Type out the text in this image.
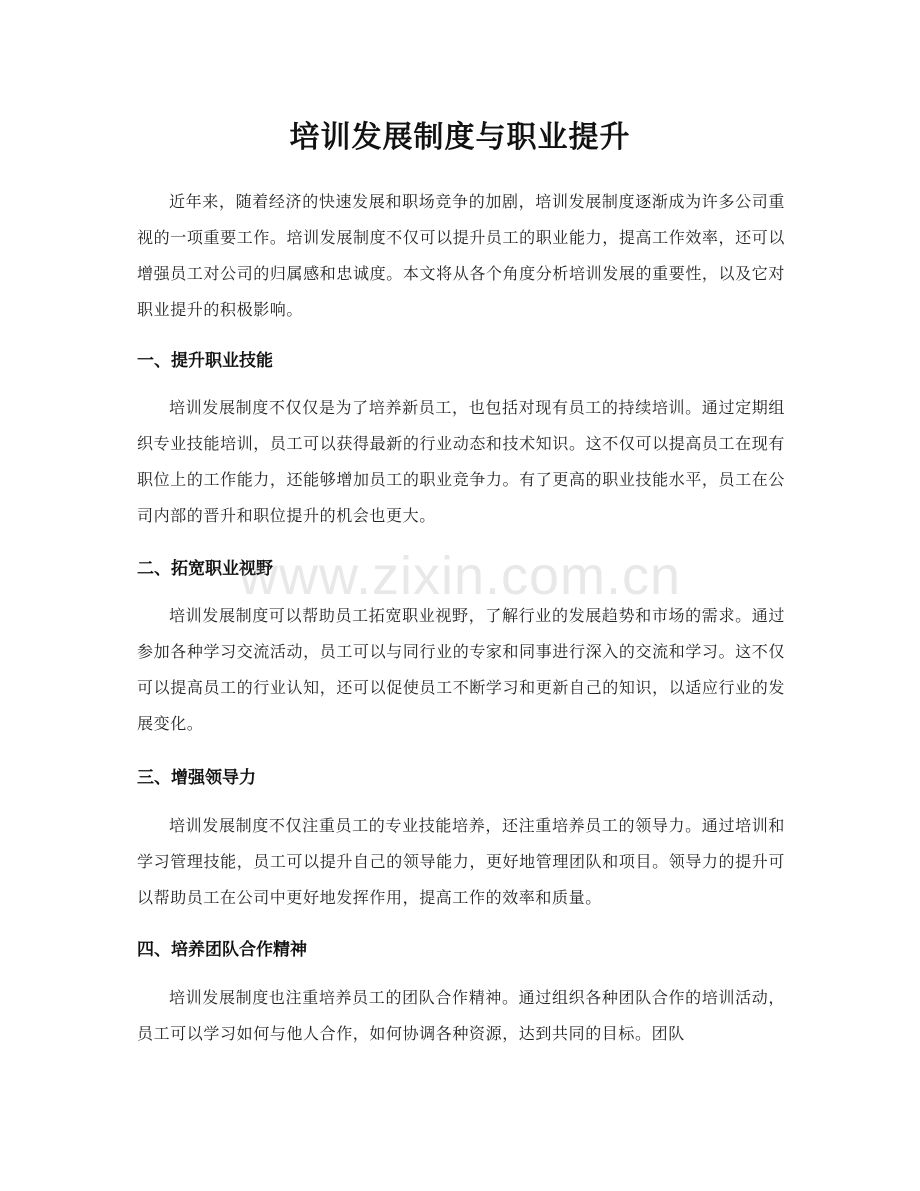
培训发展制度与职业提升

近年来，随着经济的快速发展和职场竞争的加剧，培训发展制度逐渐成为许多公司重视的一项重要工作。培训发展制度不仅可以提升员工的职业能力，提高工作效率，还可以增强员工对公司的归属感和忠诚度。本文将从各个角度分析培训发展的重要性，以及它对职业提升的积极影响。

一、提升职业技能

培训发展制度不仅仅是为了培养新员工，也包括对现有员工的持续培训。通过定期组织专业技能培训，员工可以获得最新的行业动态和技术知识。这不仅可以提高员工在现有职位上的工作能力，还能够增加员工的职业竞争力。有了更高的职业技能水平，员工在公司内部的晋升和职位提升的机会也更大。

二、拓宽职业视野

培训发展制度可以帮助员工拓宽职业视野，了解行业的发展趋势和市场的需求。通过参加各种学习交流活动，员工可以与同行业的专家和同事进行深入的交流和学习。这不仅可以提高员工的行业认知，还可以促使员工不断学习和更新自己的知识，以适应行业的发展变化。

三、增强领导力

培训发展制度不仅注重员工的专业技能培养，还注重培养员工的领导力。通过培训和学习管理技能，员工可以提升自己的领导能力，更好地管理团队和项目。领导力的提升可以帮助员工在公司中更好地发挥作用，提高工作的效率和质量。

四、培养团队合作精神

培训发展制度也注重培养员工的团队合作精神。通过组织各种团队合作的培训活动，员工可以学习如何与他人合作，如何协调各种资源，达到共同的目标。团队

www.zixin.com.cn
